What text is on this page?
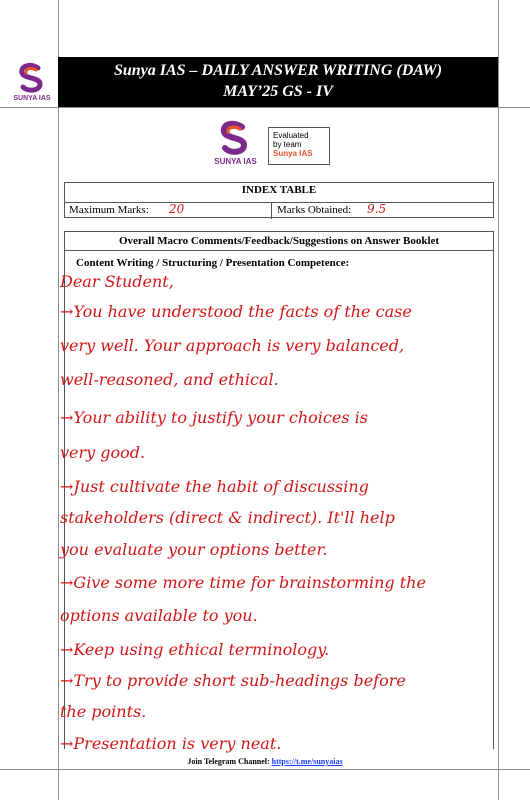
SUNYA IAS
Sunya IAS – DAILY ANSWER WRITING (DAW)
MAY’25 GS - IV
SUNYA IAS
Evaluated
by team
Sunya IAS
INDEX TABLE
Maximum Marks: 20	Marks Obtained: 9.5
Overall Macro Comments/Feedback/Suggestions on Answer Booklet
Content Writing / Structuring / Presentation Competence:
Dear Student,
→You have understood the facts of the case
very well. Your approach is very balanced,
well-reasoned, and ethical.
→Your ability to justify your choices is
very good.
→Just cultivate the habit of discussing
stakeholders (direct & indirect). It'll help
you evaluate your options better.
→Give some more time for brainstorming the
options available to you.
→Keep using ethical terminology.
→Try to provide short sub-headings before
the points.
→Presentation is very neat.
Join Telegram Channel: https://t.me/sunyaias
